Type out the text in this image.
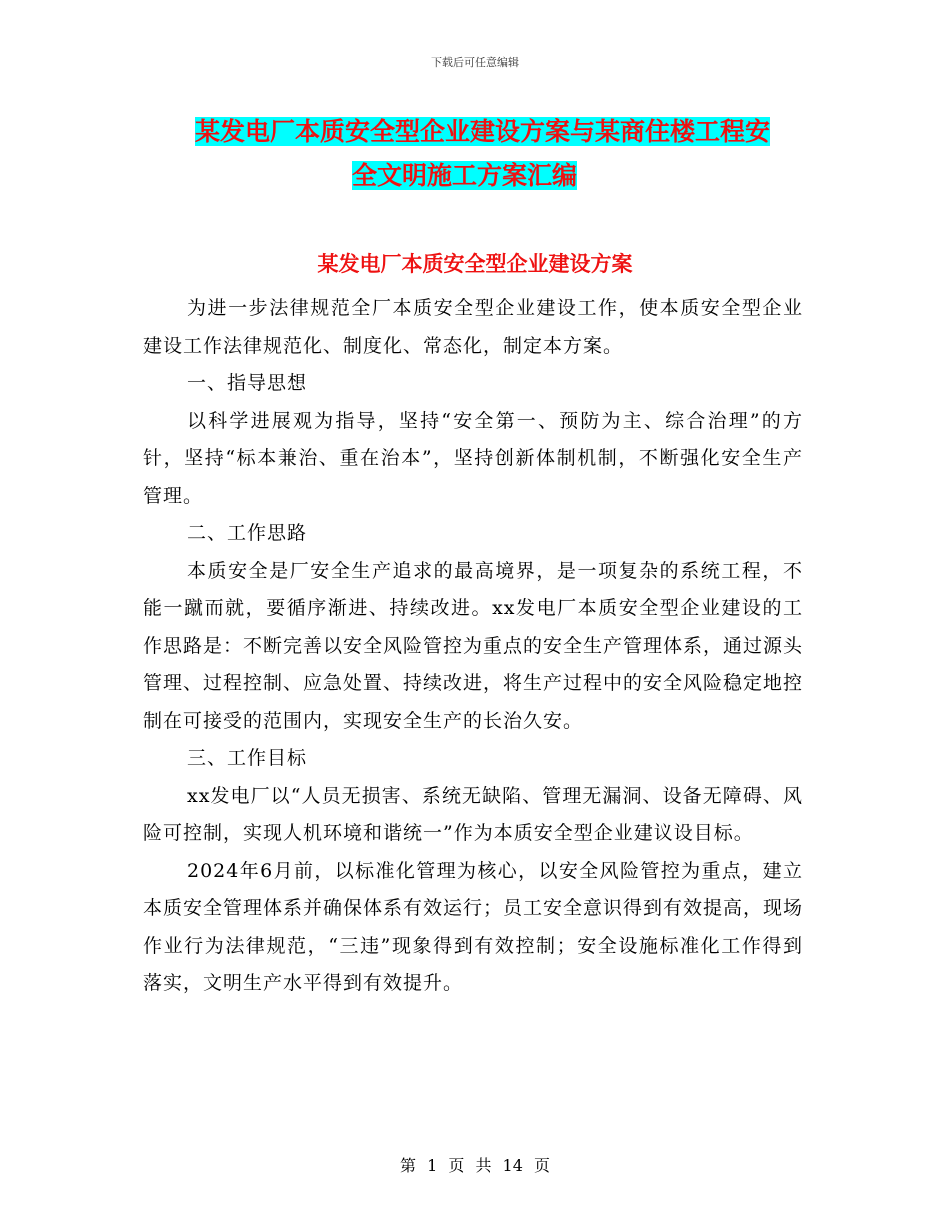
下载后可任意编辑
某发电厂本质安全型企业建设方案与某商住楼工程安
全文明施工方案汇编
某发电厂本质安全型企业建设方案

为进一步法律规范全厂本质安全型企业建设工作，使本质安全型企业建设工作法律规范化、制度化、常态化，制定本方案。

一、指导思想

以科学进展观为指导，坚持“安全第一、预防为主、综合治理”的方针，坚持“标本兼治、重在治本”，坚持创新体制机制，不断强化安全生产管理。

二、工作思路

本质安全是厂安全生产追求的最高境界，是一项复杂的系统工程，不能一蹴而就，要循序渐进、持续改进。xx发电厂本质安全型企业建设的工作思路是：不断完善以安全风险管控为重点的安全生产管理体系，通过源头管理、过程控制、应急处置、持续改进，将生产过程中的安全风险稳定地控制在可接受的范围内，实现安全生产的长治久安。

三、工作目标

xx发电厂以“人员无损害、系统无缺陷、管理无漏洞、设备无障碍、风险可控制，实现人机环境和谐统一”作为本质安全型企业建议设目标。

2024年6月前，以标准化管理为核心，以安全风险管控为重点，建立本质安全管理体系并确保体系有效运行；员工安全意识得到有效提高，现场作业行为法律规范，“三违”现象得到有效控制；安全设施标准化工作得到落实，文明生产水平得到有效提升。

第 1 页 共 14 页
